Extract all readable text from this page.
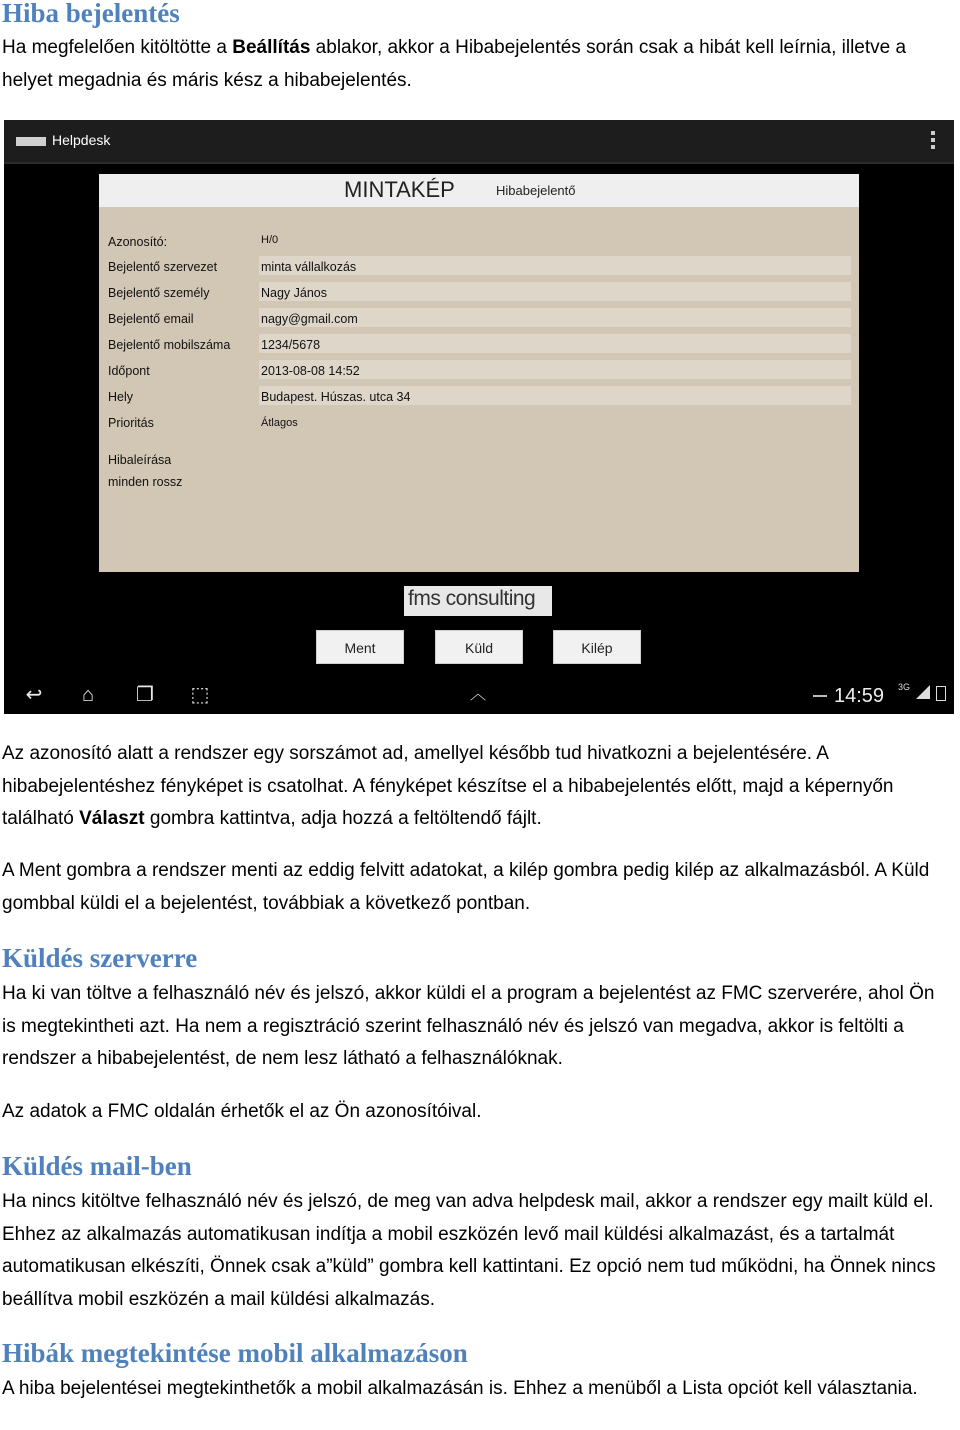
Hiba bejelentés

Ha megfelelően kitöltötte a Beállítás ablakor, akkor a Hibabejelentés során csak a hibát kell leírnia, illetve a helyet megadnia és máris kész a hibabejelentés.

Helpdesk
MINTAKÉP	Hibabejelentő
Azonosító:	H/0
Bejelentő szervezet	minta vállalkozás
Bejelentő személy	Nagy János
Bejelentő email	nagy@gmail.com
Bejelentő mobilszáma 1234/5678
Időpont	2013-08-08 14:52
Hely	Budapest. Húszas. utca 34
Prioritás	Átlagos
Hibaleírása
minden rossz
fms consulting
Ment	Küld	Kilép
↩	⌂	❐ ⬚	︿	14:59 3G

Az azonosító alatt a rendszer egy sorszámot ad, amellyel később tud hivatkozni a bejelentésére. A hibabejelentéshez fényképet is csatolhat. A fényképet készítse el a hibabejelentés előtt, majd a képernyőn található Választ gombra kattintva, adja hozzá a feltöltendő fájlt.

A Ment gombra a rendszer menti az eddig felvitt adatokat, a kilép gombra pedig kilép az alkalmazásból. A Küld gombbal küldi el a bejelentést, továbbiak a következő pontban.

Küldés szerverre

Ha ki van töltve a felhasználó név és jelszó, akkor küldi el a program a bejelentést az FMC szerverére, ahol Ön is megtekintheti azt. Ha nem a regisztráció szerint felhasználó név és jelszó van megadva, akkor is feltölti a rendszer a hibabejelentést, de nem lesz látható a felhasználóknak.

Az adatok a FMC oldalán érhetők el az Ön azonosítóival.

Küldés mail-ben

Ha nincs kitöltve felhasználó név és jelszó, de meg van adva helpdesk mail, akkor a rendszer egy mailt küld el. Ehhez az alkalmazás automatikusan indítja a mobil eszközén levő mail küldési alkalmazást, és a tartalmát automatikusan elkészíti, Önnek csak a”küld” gombra kell kattintani. Ez opció nem tud működni, ha Önnek nincs beállítva mobil eszközén a mail küldési alkalmazás.

Hibák megtekintése mobil alkalmazáson

A hiba bejelentései megtekinthetők a mobil alkalmazásán is. Ehhez a menüből a Lista opciót kell választania.
